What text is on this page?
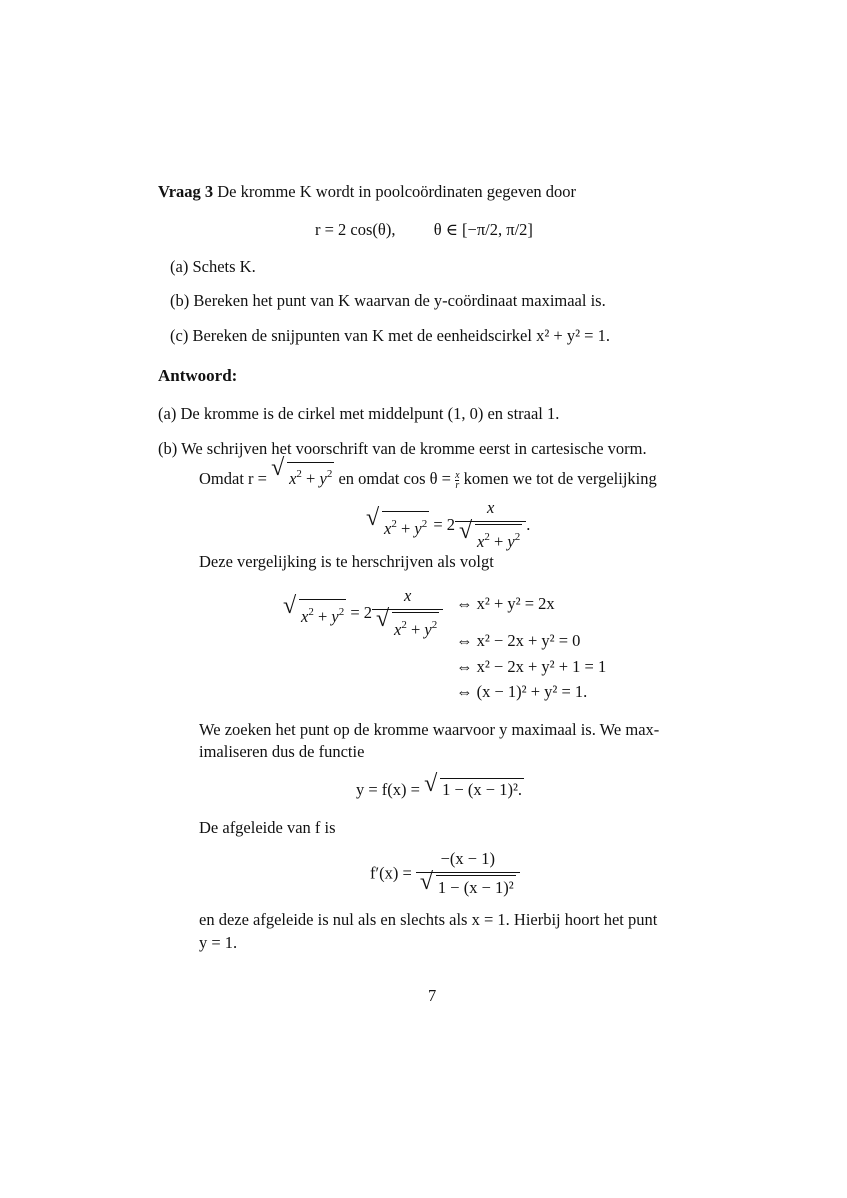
Vraag 3 De kromme K wordt in poolcoördinaten gegeven door
r = 2 cos(θ), θ ∈ [−π/2, π/2]
(a) Schets K.
(b) Bereken het punt van K waarvan de y-coördinaat maximaal is.
(c) Bereken de snijpunten van K met de eenheidscirkel x² + y² = 1.
Antwoord:
(a) De kromme is de cirkel met middelpunt (1, 0) en straal 1.
(b) We schrijven het voorschrift van de kromme eerst in cartesische vorm.
Omdat r = √ $x^2 + y^2$ en omdat $\cos \theta = \frac{x}{r}$ komen we tot de vergelijking
√ $x^2 + y^2 = 2 \frac{x}{√ x^2 + y^2}$ .
Deze vergelijking is te herschrijven als volgt
√ $x^2 + y^2 = 2 \frac{x}{√ x^2 + y^2}$ ⇔ x² + y² = 2x
⇔ x² − 2x + y² = 0
⇔ x² − 2x + y² + 1 = 1
⇔ (x − 1)² + y² = 1.
We zoeken het punt op de kromme waarvoor y maximaal is. We max-
imaliseren dus de functie
y = f(x) = √ 1 − (x − 1)².
De afgeleide van f is
$f'(x) = \frac{-(x - 1)}{\text{√ 1 − (x − 1)²}}$
en deze afgeleide is nul als en slechts als x = 1. Hierbij hoort het punt
y = 1.
7
